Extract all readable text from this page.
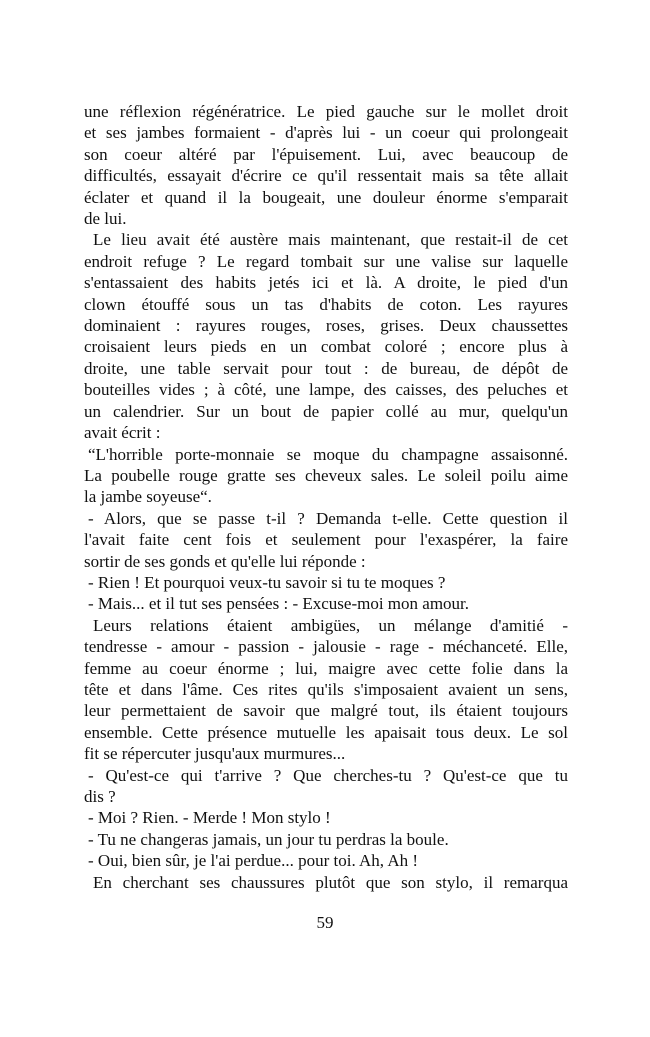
une réflexion régénératrice. Le pied gauche sur le mollet droit
et ses jambes formaient - d'après lui - un coeur qui prolongeait
son coeur altéré par l'épuisement. Lui, avec beaucoup de
difficultés, essayait d'écrire ce qu'il ressentait mais sa tête allait
éclater et quand il la bougeait, une douleur énorme s'emparait
de lui.
Le lieu avait été austère mais maintenant, que restait-il de cet
endroit refuge ? Le regard tombait sur une valise sur laquelle
s'entassaient des habits jetés ici et là. A droite, le pied d'un
clown étouffé sous un tas d'habits de coton. Les rayures
dominaient : rayures rouges, roses, grises. Deux chaussettes
croisaient leurs pieds en un combat coloré ; encore plus à
droite, une table servait pour tout : de bureau, de dépôt de
bouteilles vides ; à côté, une lampe, des caisses, des peluches et
un calendrier. Sur un bout de papier collé au mur, quelqu'un
avait écrit :
“L'horrible porte-monnaie se moque du champagne assaisonné.
La poubelle rouge gratte ses cheveux sales. Le soleil poilu aime
la jambe soyeuse“.
- Alors, que se passe t-il ? Demanda t-elle. Cette question il
l'avait faite cent fois et seulement pour l'exaspérer, la faire
sortir de ses gonds et qu'elle lui réponde :
- Rien ! Et pourquoi veux-tu savoir si tu te moques ?
- Mais... et il tut ses pensées : - Excuse-moi mon amour.
Leurs relations étaient ambigües, un mélange d'amitié -
tendresse - amour - passion - jalousie - rage - méchanceté. Elle,
femme au coeur énorme ; lui, maigre avec cette folie dans la
tête et dans l'âme. Ces rites qu'ils s'imposaient avaient un sens,
leur permettaient de savoir que malgré tout, ils étaient toujours
ensemble. Cette présence mutuelle les apaisait tous deux. Le sol
fit se répercuter jusqu'aux murmures...
- Qu'est-ce qui t'arrive ? Que cherches-tu ? Qu'est-ce que tu
dis ?
- Moi ? Rien. - Merde ! Mon stylo !
- Tu ne changeras jamais, un jour tu perdras la boule.
- Oui, bien sûr, je l'ai perdue... pour toi. Ah, Ah !
En cherchant ses chaussures plutôt que son stylo, il remarqua
59
